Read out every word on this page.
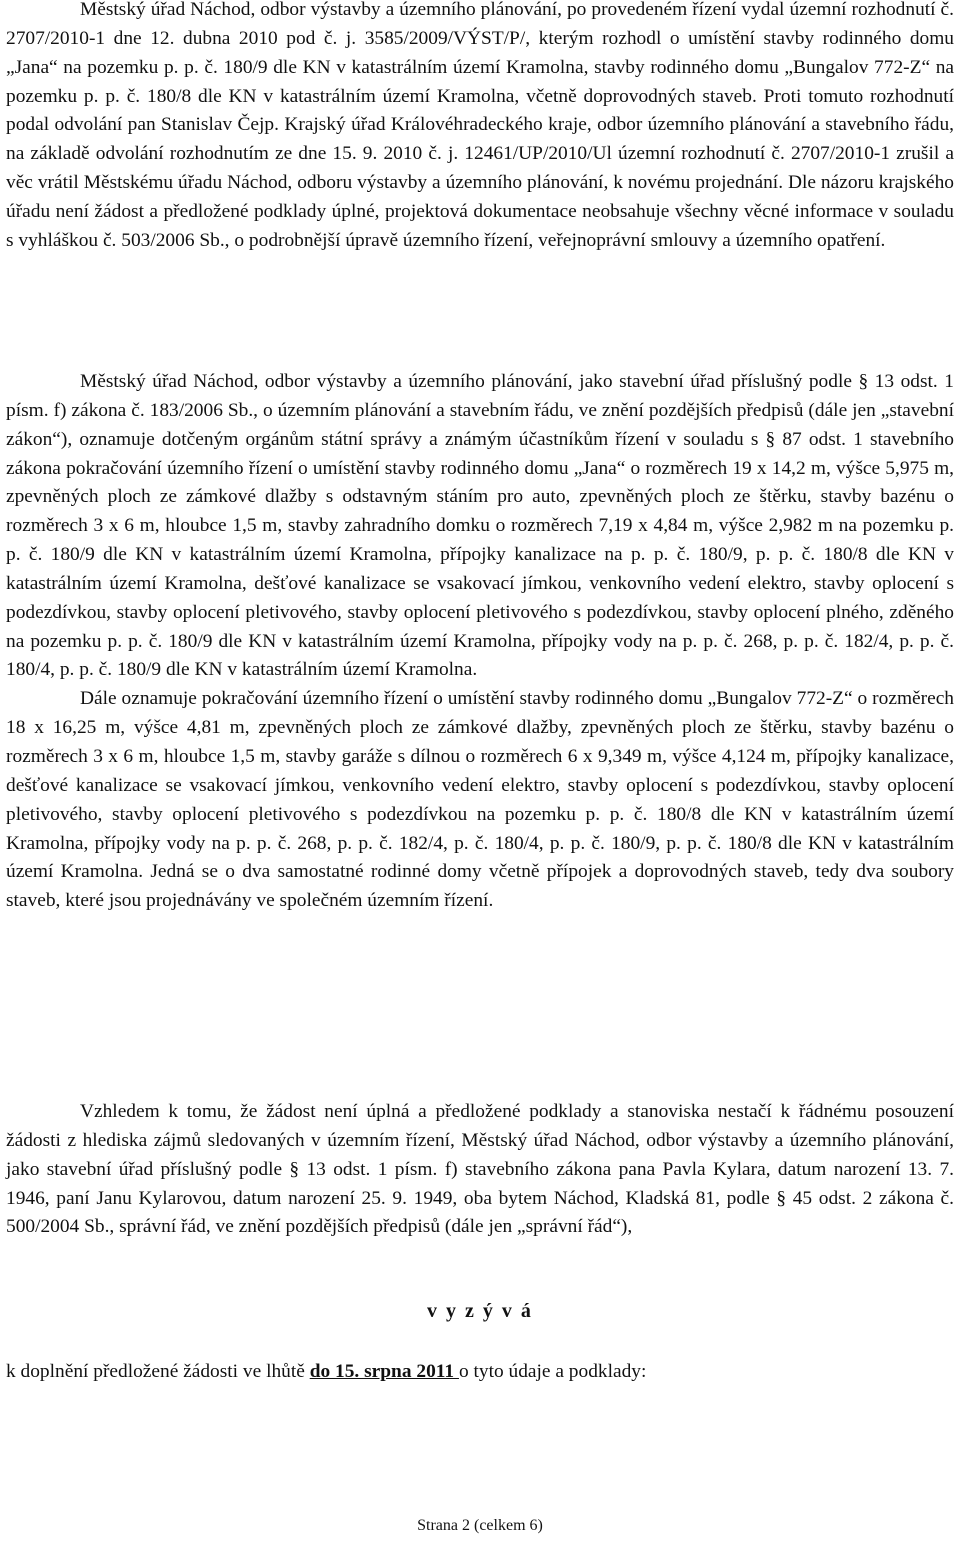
Městský úřad Náchod, odbor výstavby a územního plánování, po provedeném řízení vydal územní rozhodnutí č. 2707/2010-1 dne 12. dubna 2010 pod č. j. 3585/2009/VÝST/P/, kterým rozhodl o umístění stavby rodinného domu „Jana“ na pozemku p. p. č. 180/9 dle KN v katastrálním území Kramolna, stavby rodinného domu „Bungalov 772-Z“ na pozemku p. p. č. 180/8 dle KN v katastrálním území Kramolna, včetně doprovodných staveb. Proti tomuto rozhodnutí podal odvolání pan Stanislav Čejp. Krajský úřad Královéhradeckého kraje, odbor územního plánování a stavebního řádu, na základě odvolání rozhodnutím ze dne 15. 9. 2010 č. j. 12461/UP/2010/Ul územní rozhodnutí č. 2707/2010-1 zrušil a věc vrátil Městskému úřadu Náchod, odboru výstavby a územního plánování, k novému projednání. Dle názoru krajského úřadu není žádost a předložené podklady úplné, projektová dokumentace neobsahuje všechny věcné informace v souladu s vyhláškou č. 503/2006 Sb., o podrobnější úpravě územního řízení, veřejnoprávní smlouvy a územního opatření.

Městský úřad Náchod, odbor výstavby a územního plánování, jako stavební úřad příslušný podle § 13 odst. 1 písm. f) zákona č. 183/2006 Sb., o územním plánování a stavebním řádu, ve znění pozdějších předpisů (dále jen „stavební zákon“), oznamuje dotčeným orgánům státní správy a známým účastníkům řízení v souladu s § 87 odst. 1 stavebního zákona pokračování územního řízení o umístění stavby rodinného domu „Jana“ o rozměrech 19 x 14,2 m, výšce 5,975 m, zpevněných ploch ze zámkové dlažby s odstavným stáním pro auto, zpevněných ploch ze štěrku, stavby bazénu o rozměrech 3 x 6 m, hloubce 1,5 m, stavby zahradního domku o rozměrech 7,19 x 4,84 m, výšce 2,982 m na pozemku p. p. č. 180/9 dle KN v katastrálním území Kramolna, přípojky kanalizace na p. p. č. 180/9, p. p. č. 180/8 dle KN v katastrálním území Kramolna, dešťové kanalizace se vsakovací jímkou, venkovního vedení elektro, stavby oplocení s podezdívkou, stavby oplocení pletivového, stavby oplocení pletivového s podezdívkou, stavby oplocení plného, zděného na pozemku p. p. č. 180/9 dle KN v katastrálním území Kramolna, přípojky vody na p. p. č. 268, p. p. č. 182/4, p. p. č. 180/4, p. p. č. 180/9 dle KN v katastrálním území Kramolna.

Dále oznamuje pokračování územního řízení o umístění stavby rodinného domu „Bungalov 772-Z“ o rozměrech 18 x 16,25 m, výšce 4,81 m, zpevněných ploch ze zámkové dlažby, zpevněných ploch ze štěrku, stavby bazénu o rozměrech 3 x 6 m, hloubce 1,5 m, stavby garáže s dílnou o rozměrech 6 x 9,349 m, výšce 4,124 m, přípojky kanalizace, dešťové kanalizace se vsakovací jímkou, venkovního vedení elektro, stavby oplocení s podezdívkou, stavby oplocení pletivového, stavby oplocení pletivového s podezdívkou na pozemku p. p. č. 180/8 dle KN v katastrálním území Kramolna, přípojky vody na p. p. č. 268, p. p. č. 182/4, p. č. 180/4, p. p. č. 180/9, p. p. č. 180/8 dle KN v katastrálním území Kramolna. Jedná se o dva samostatné rodinné domy včetně přípojek a doprovodných staveb, tedy dva soubory staveb, které jsou projednávány ve společném územním řízení.

Vzhledem k tomu, že žádost není úplná a předložené podklady a stanoviska nestačí k řádnému posouzení žádosti z hlediska zájmů sledovaných v územním řízení, Městský úřad Náchod, odbor výstavby a územního plánování, jako stavební úřad příslušný podle § 13 odst. 1 písm. f) stavebního zákona pana Pavla Kylara, datum narození 13. 7. 1946, paní Janu Kylarovou, datum narození 25. 9. 1949, oba bytem Náchod, Kladská 81, podle § 45 odst. 2 zákona č. 500/2004 Sb., správní řád, ve znění pozdějších předpisů (dále jen „správní řád“),

v y z ý v á
k doplnění předložené žádosti ve lhůtě do 15. srpna 2011 o tyto údaje a podklady:
Strana 2 (celkem 6)
